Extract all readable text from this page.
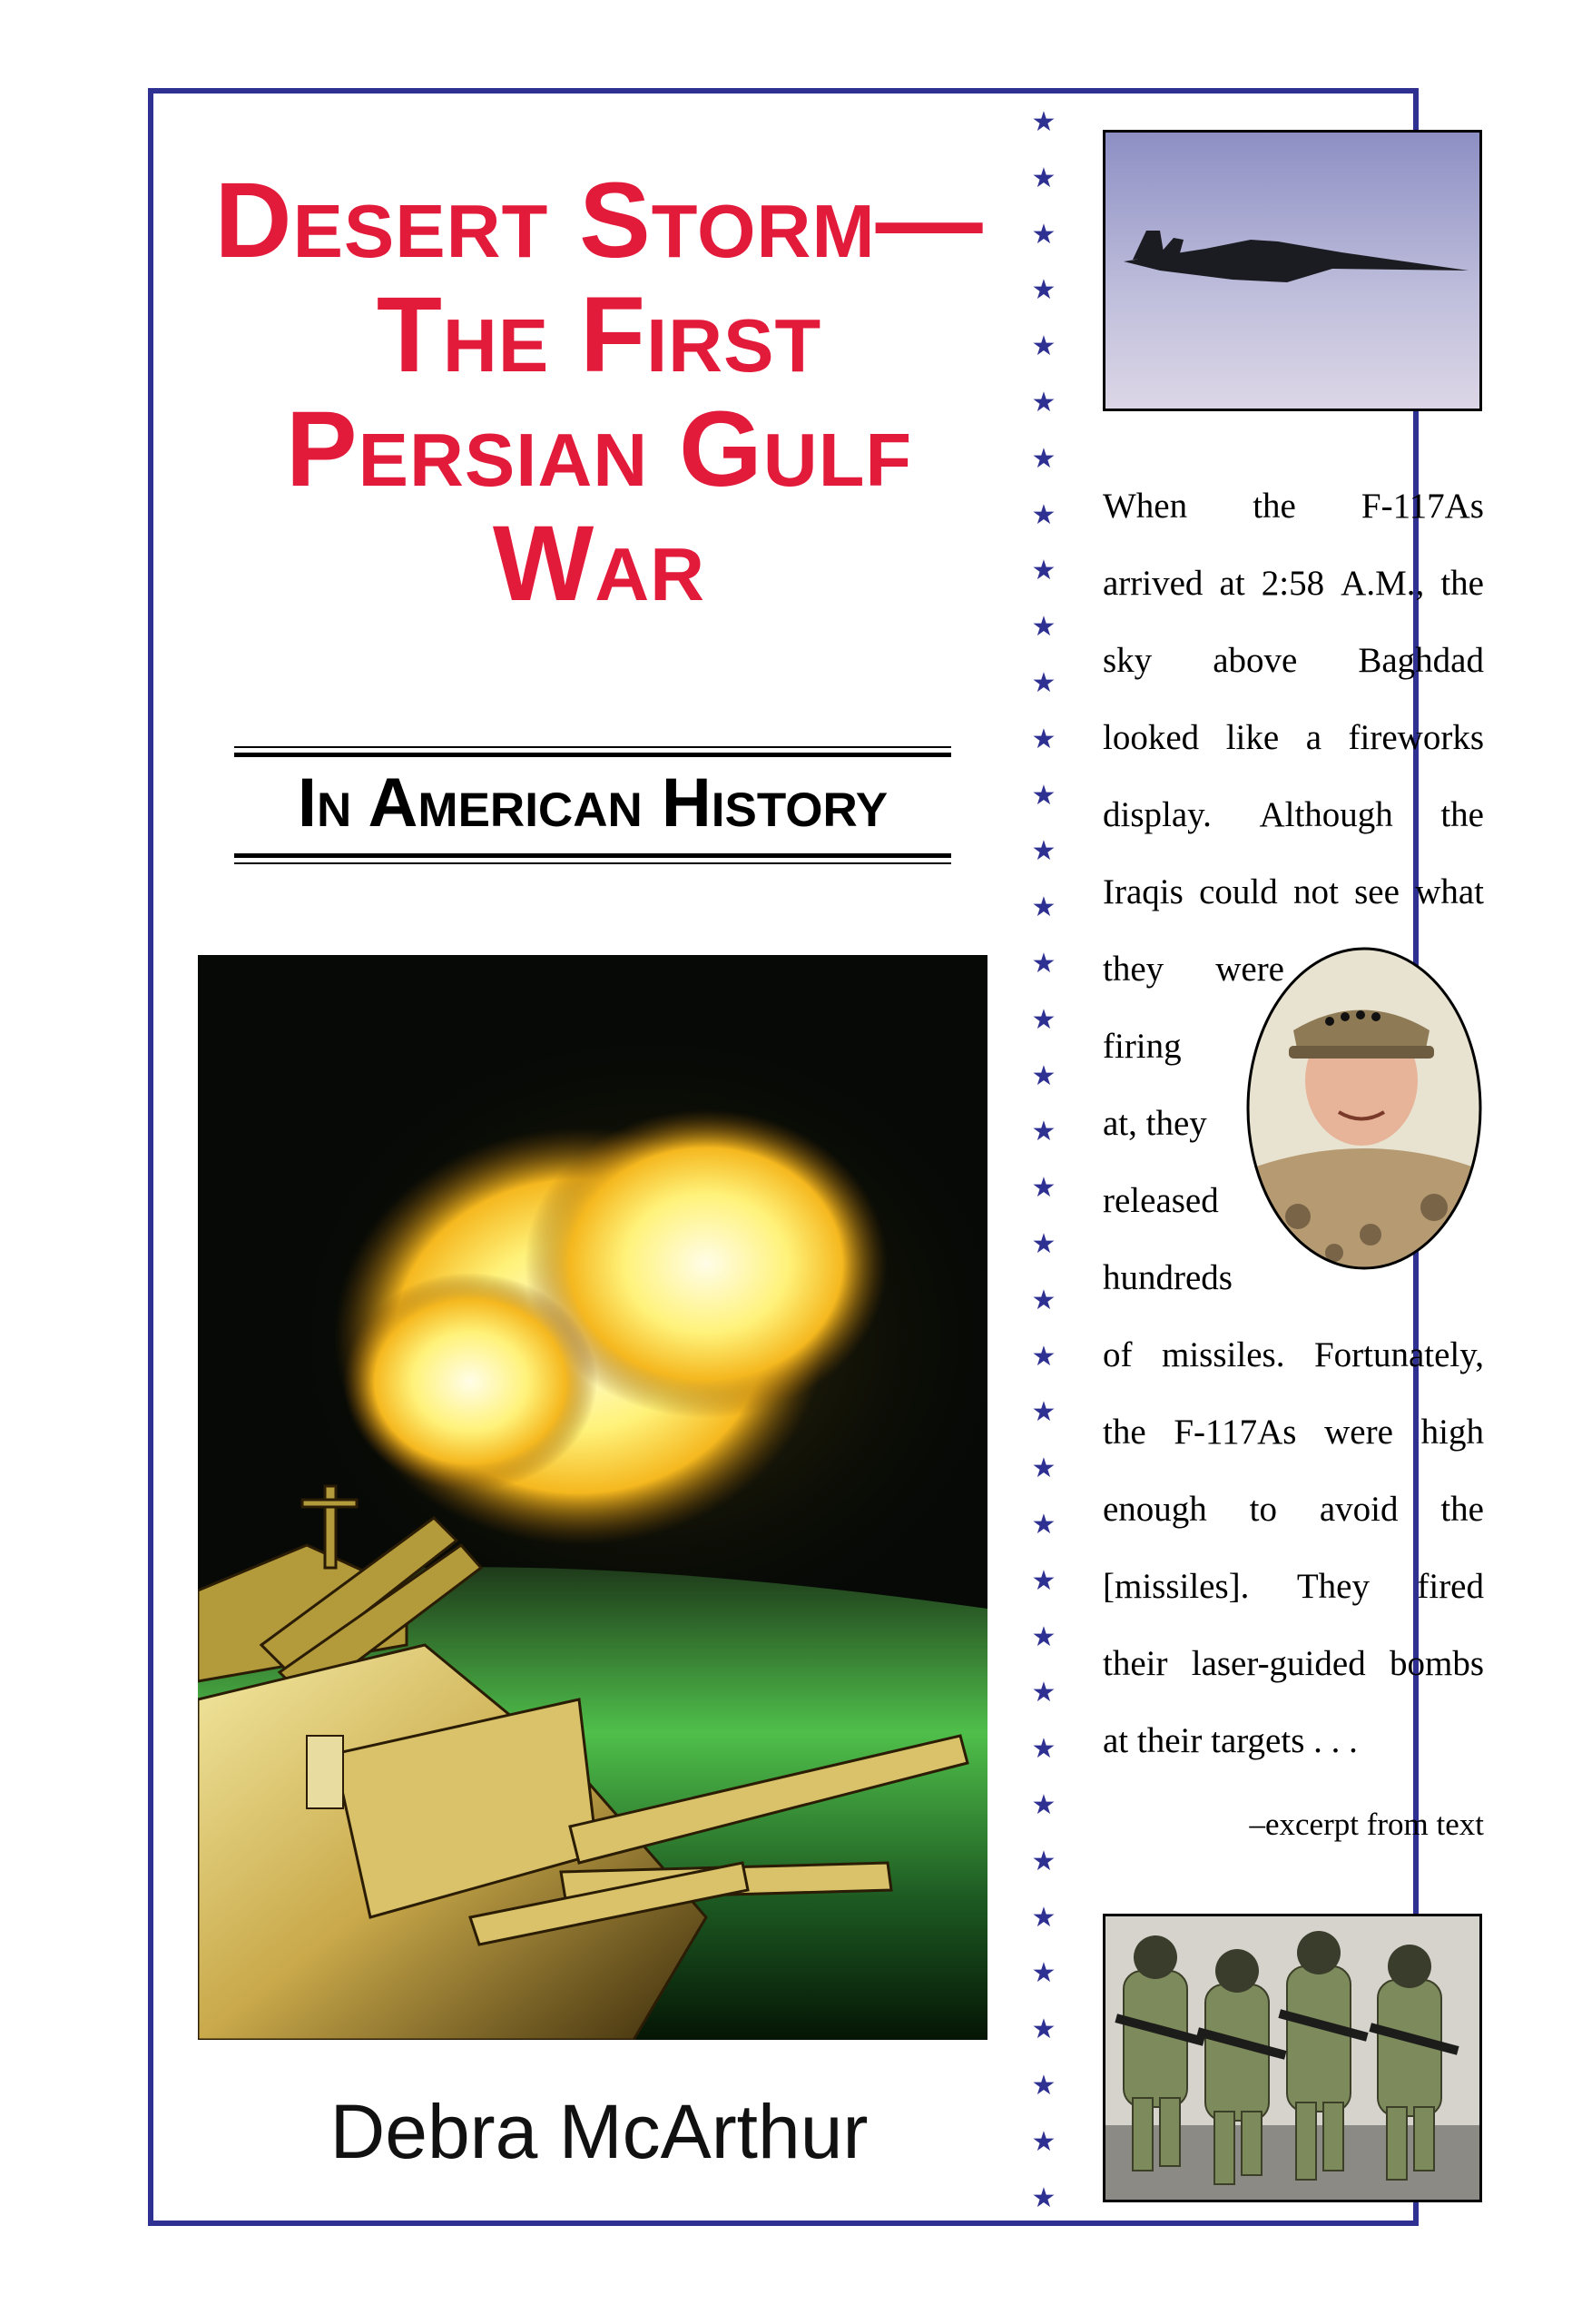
Desert Storm—
The First
Persian Gulf
War
In American History
Debra McArthur
★
★
★
★
★
★
★
★
★
★
★
★
★
★
★
★
★
★
★
★
★
★
★
★
★
★
★
★
★
★
★
★
★
★
★
★
★
★
When the F-117As
arrived at 2:58 A.M., the
sky above Baghdad
looked like a fireworks
display. Although the
Iraqis could not see what
they were
firing
at, they
released
hundreds
of missiles. Fortunately,
the F-117As were high
enough to avoid the
[missiles]. They fired
their laser-guided bombs
at their targets . . .
–excerpt from text
